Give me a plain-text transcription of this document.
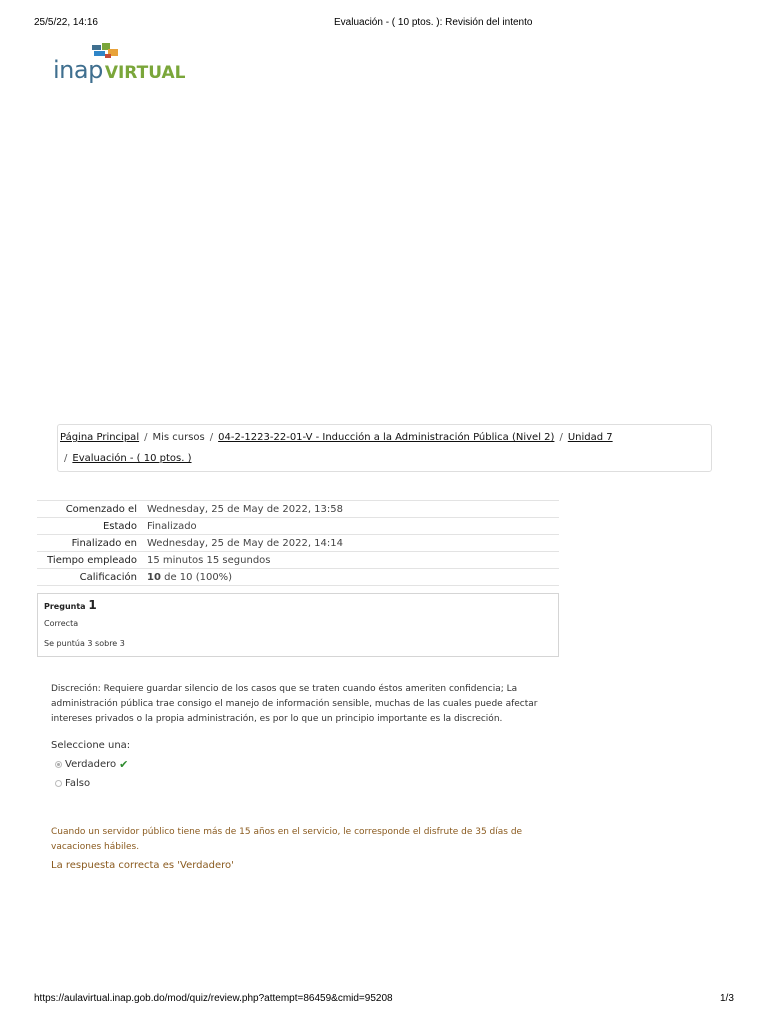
25/5/22, 14:16	Evaluación - ( 10 ptos. ): Revisión del intento
inap VIRTUAL
Página Principal / Mis cursos / 04-2-1223-22-01-V - Inducción a la Administración Pública (Nivel 2) / Unidad 7
/ Evaluación - ( 10 ptos. )
Comenzado el	Wednesday, 25 de May de 2022, 13:58
Estado	Finalizado
Finalizado en	Wednesday, 25 de May de 2022, 14:14
Tiempo empleado	15 minutos 15 segundos
Calificación	10 de 10 (100%)
Pregunta 1
Correcta
Se puntúa 3 sobre 3
Discreción: Requiere guardar silencio de los casos que se traten cuando éstos ameriten confidencia; La administración pública trae consigo el manejo de información sensible, muchas de las cuales puede afectar intereses privados o la propia administración, es por lo que un principio importante es la discreción.
Seleccione una:
Verdadero ✔
Falso
Cuando un servidor público tiene más de 15 años en el servicio, le corresponde el disfrute de 35 días de vacaciones hábiles.
La respuesta correcta es 'Verdadero'
https://aulavirtual.inap.gob.do/mod/quiz/review.php?attempt=86459&cmid=95208	1/3
